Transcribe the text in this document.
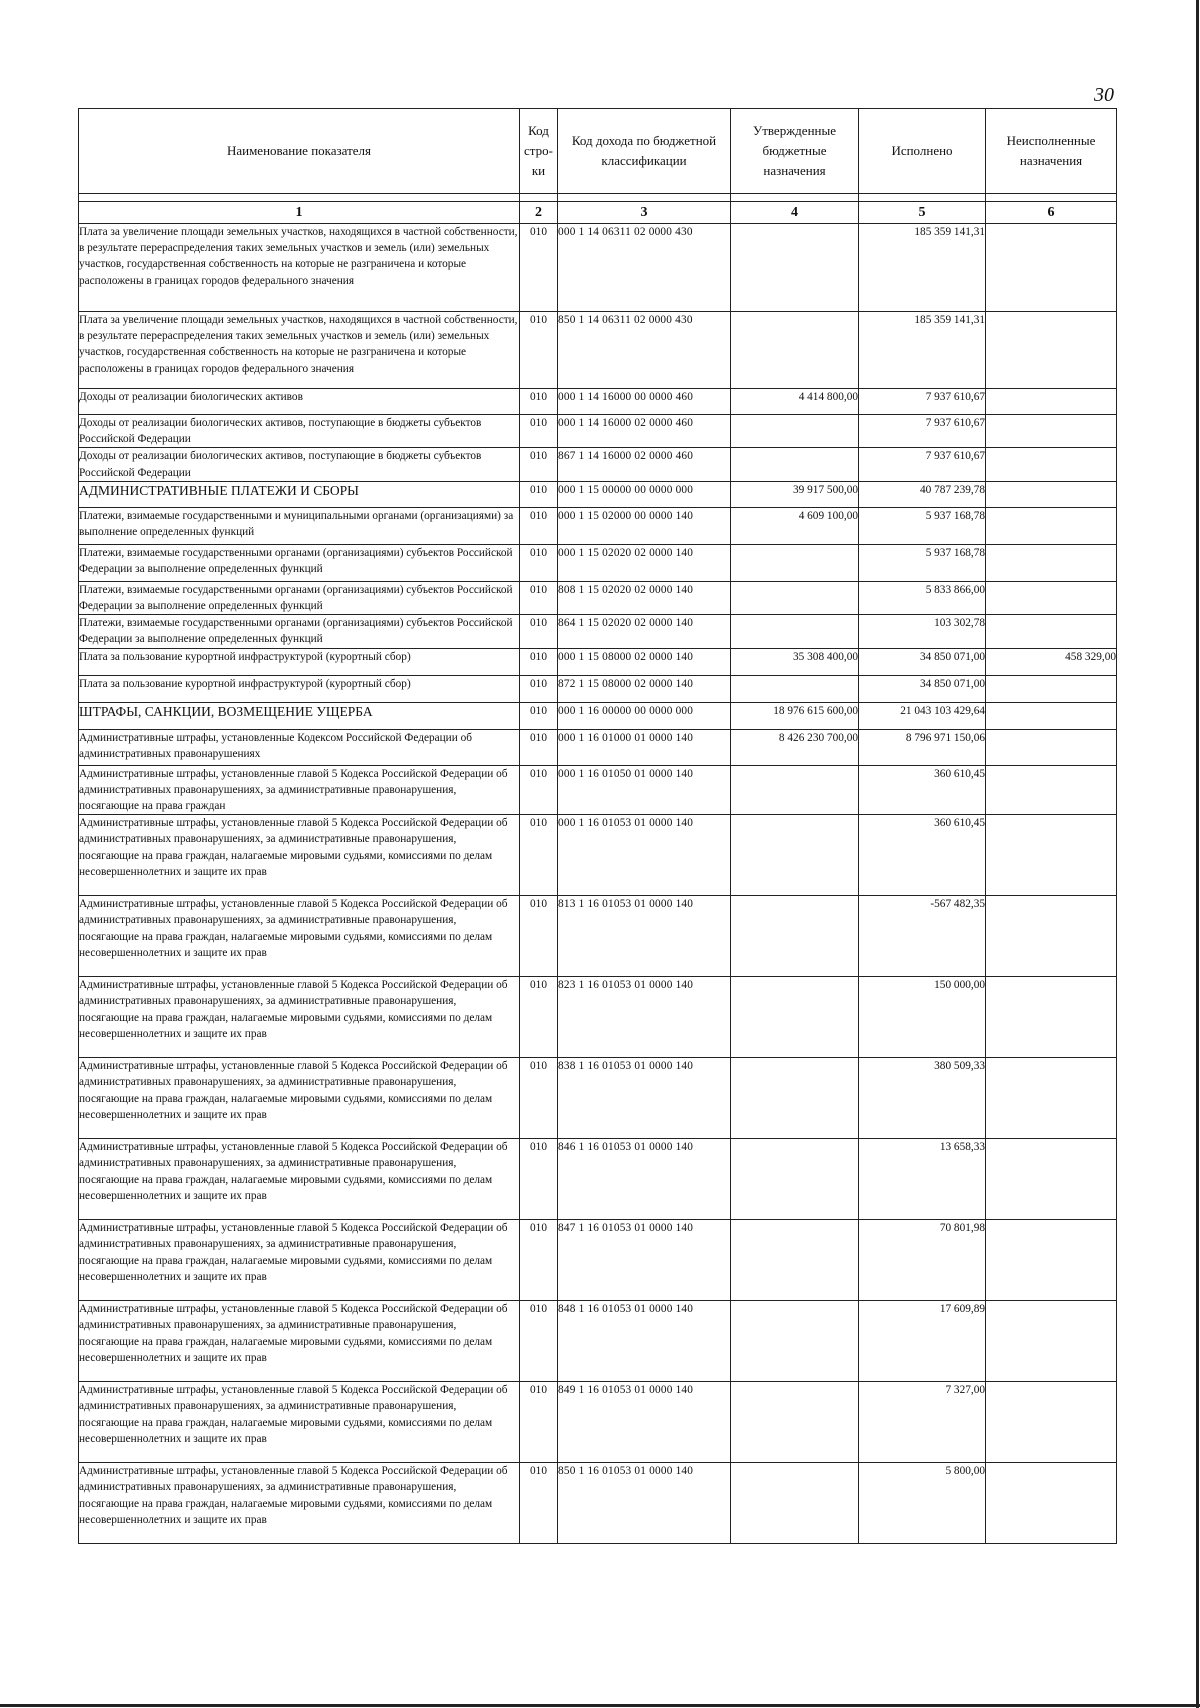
30
Наименование показателя	Код стро-ки	Код дохода по бюджетной классификации	Утвержденные бюджетные назначения	Исполнено	Неисполненные назначения

1	2	3	4	5	6
Плата за увеличение площади земельных участков, находящихся в частной собственности, в результате перераспределения таких земельных участков и земель (или) земельных участков, государственная собственность на которые не разграничена и которые расположены в границах городов федерального значения	010	000 1 14 06311 02 0000 430		185 359 141,31	
Плата за увеличение площади земельных участков, находящихся в частной собственности, в результате перераспределения таких земельных участков и земель (или) земельных участков, государственная собственность на которые не разграничена и которые расположены в границах городов федерального значения	010	850 1 14 06311 02 0000 430		185 359 141,31	
Доходы от реализации биологических активов	010	000 1 14 16000 00 0000 460	4 414 800,00	7 937 610,67	
Доходы от реализации биологических активов, поступающие в бюджеты субъектов Российской Федерации	010	000 1 14 16000 02 0000 460		7 937 610,67	
Доходы от реализации биологических активов, поступающие в бюджеты субъектов Российской Федерации	010	867 1 14 16000 02 0000 460		7 937 610,67	
АДМИНИСТРАТИВНЫЕ ПЛАТЕЖИ И СБОРЫ	010	000 1 15 00000 00 0000 000	39 917 500,00	40 787 239,78	
Платежи, взимаемые государственными и муниципальными органами (организациями) за выполнение определенных функций	010	000 1 15 02000 00 0000 140	4 609 100,00	5 937 168,78	
Платежи, взимаемые государственными органами (организациями) субъектов Российской Федерации за выполнение определенных функций	010	000 1 15 02020 02 0000 140		5 937 168,78	
Платежи, взимаемые государственными органами (организациями) субъектов Российской Федерации за выполнение определенных функций	010	808 1 15 02020 02 0000 140		5 833 866,00	
Платежи, взимаемые государственными органами (организациями) субъектов Российской Федерации за выполнение определенных функций	010	864 1 15 02020 02 0000 140		103 302,78	
Плата за пользование курортной инфраструктурой (курортный сбор)	010	000 1 15 08000 02 0000 140	35 308 400,00	34 850 071,00	458 329,00
Плата за пользование курортной инфраструктурой (курортный сбор)	010	872 1 15 08000 02 0000 140		34 850 071,00	
ШТРАФЫ, САНКЦИИ, ВОЗМЕЩЕНИЕ УЩЕРБА	010	000 1 16 00000 00 0000 000	18 976 615 600,00	21 043 103 429,64	
Административные штрафы, установленные Кодексом Российской Федерации об административных правонарушениях	010	000 1 16 01000 01 0000 140	8 426 230 700,00	8 796 971 150,06	
Административные штрафы, установленные главой 5 Кодекса Российской Федерации об административных правонарушениях, за административные правонарушения, посягающие на права граждан	010	000 1 16 01050 01 0000 140		360 610,45	
Административные штрафы, установленные главой 5 Кодекса Российской Федерации об административных правонарушениях, за административные правонарушения, посягающие на права граждан, налагаемые мировыми судьями, комиссиями по делам несовершеннолетних и защите их прав	010	000 1 16 01053 01 0000 140		360 610,45	
Административные штрафы, установленные главой 5 Кодекса Российской Федерации об административных правонарушениях, за административные правонарушения, посягающие на права граждан, налагаемые мировыми судьями, комиссиями по делам несовершеннолетних и защите их прав	010	813 1 16 01053 01 0000 140		-567 482,35	
Административные штрафы, установленные главой 5 Кодекса Российской Федерации об административных правонарушениях, за административные правонарушения, посягающие на права граждан, налагаемые мировыми судьями, комиссиями по делам несовершеннолетних и защите их прав	010	823 1 16 01053 01 0000 140		150 000,00	
Административные штрафы, установленные главой 5 Кодекса Российской Федерации об административных правонарушениях, за административные правонарушения, посягающие на права граждан, налагаемые мировыми судьями, комиссиями по делам несовершеннолетних и защите их прав	010	838 1 16 01053 01 0000 140		380 509,33	
Административные штрафы, установленные главой 5 Кодекса Российской Федерации об административных правонарушениях, за административные правонарушения, посягающие на права граждан, налагаемые мировыми судьями, комиссиями по делам несовершеннолетних и защите их прав	010	846 1 16 01053 01 0000 140		13 658,33	
Административные штрафы, установленные главой 5 Кодекса Российской Федерации об административных правонарушениях, за административные правонарушения, посягающие на права граждан, налагаемые мировыми судьями, комиссиями по делам несовершеннолетних и защите их прав	010	847 1 16 01053 01 0000 140		70 801,98	
Административные штрафы, установленные главой 5 Кодекса Российской Федерации об административных правонарушениях, за административные правонарушения, посягающие на права граждан, налагаемые мировыми судьями, комиссиями по делам несовершеннолетних и защите их прав	010	848 1 16 01053 01 0000 140		17 609,89	
Административные штрафы, установленные главой 5 Кодекса Российской Федерации об административных правонарушениях, за административные правонарушения, посягающие на права граждан, налагаемые мировыми судьями, комиссиями по делам несовершеннолетних и защите их прав	010	849 1 16 01053 01 0000 140		7 327,00	
Административные штрафы, установленные главой 5 Кодекса Российской Федерации об административных правонарушениях, за административные правонарушения, посягающие на права граждан, налагаемые мировыми судьями, комиссиями по делам несовершеннолетних и защите их прав	010	850 1 16 01053 01 0000 140		5 800,00	
